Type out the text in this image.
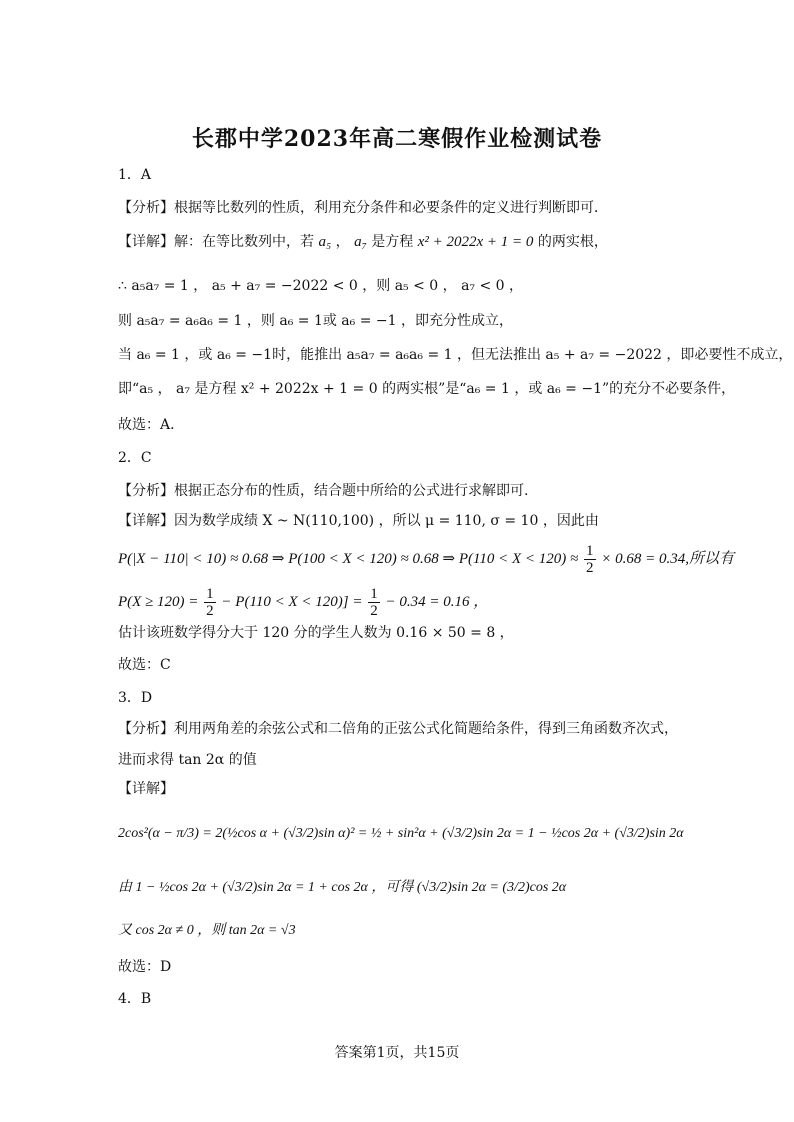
长郡中学2023年高二寒假作业检测试卷
1．A
【分析】根据等比数列的性质，利用充分条件和必要条件的定义进行判断即可．
【详解】解：在等比数列中，若 a₅ ， a₇ 是方程 x² + 2022x + 1 = 0 的两实根，
∴ a₅a₇ = 1 ， a₅ + a₇ = −2022 < 0 ，则 a₅ < 0 ， a₇ < 0 ，
则 a₅a₇ = a₆a₆ = 1 ，则 a₆ = 1或 a₆ = −1 ，即充分性成立，
当 a₆ = 1 ，或 a₆ = −1时，能推出 a₅a₇ = a₆a₆ = 1 ，但无法推出 a₅ + a₇ = −2022 ，即必要性不成立，
即“a₅ ， a₇ 是方程 x² + 2022x + 1 = 0 的两实根”是“a₆ = 1 ，或 a₆ = −1”的充分不必要条件，
故选：A．
2．C
【分析】根据正态分布的性质，结合题中所给的公式进行求解即可.
【详解】因为数学成绩 X ~ N(110,100) ，所以 μ = 110, σ = 10 ，因此由
P(|X − 110| < 10) ≈ 0.68 ⇒ P(100 < X < 120) ≈ 0.68 ⇒ $P(110 < X < 120) \approx \frac{1}{2} \times 0.68 = 0.34$,所以有
$P(X \ge 120) = \frac{1}{2} - P(110 < X < 120)] = \frac{1}{2} - 0.34 = 0.16$ ，
估计该班数学得分大于 120 分的学生人数为 0.16 × 50 = 8 ，
故选：C
3．D
【分析】利用两角差的余弦公式和二倍角的正弦公式化简题给条件，得到三角函数齐次式，
进而求得 tan 2α 的值
【详解】
2cos²(α − π/3) = 2(½cos α + (√3/2)sin α)² = ½ + sin²α + (√3/2)sin 2α = 1 − ½cos 2α + (√3/2)sin 2α
由 1 − ½cos 2α + (√3/2)sin 2α = 1 + cos 2α ，可得 (√3/2)sin 2α = (3/2)cos 2α
又 cos 2α ≠ 0 ，则 tan 2α = √3
故选：D
4．B
答案第1页，共15页
